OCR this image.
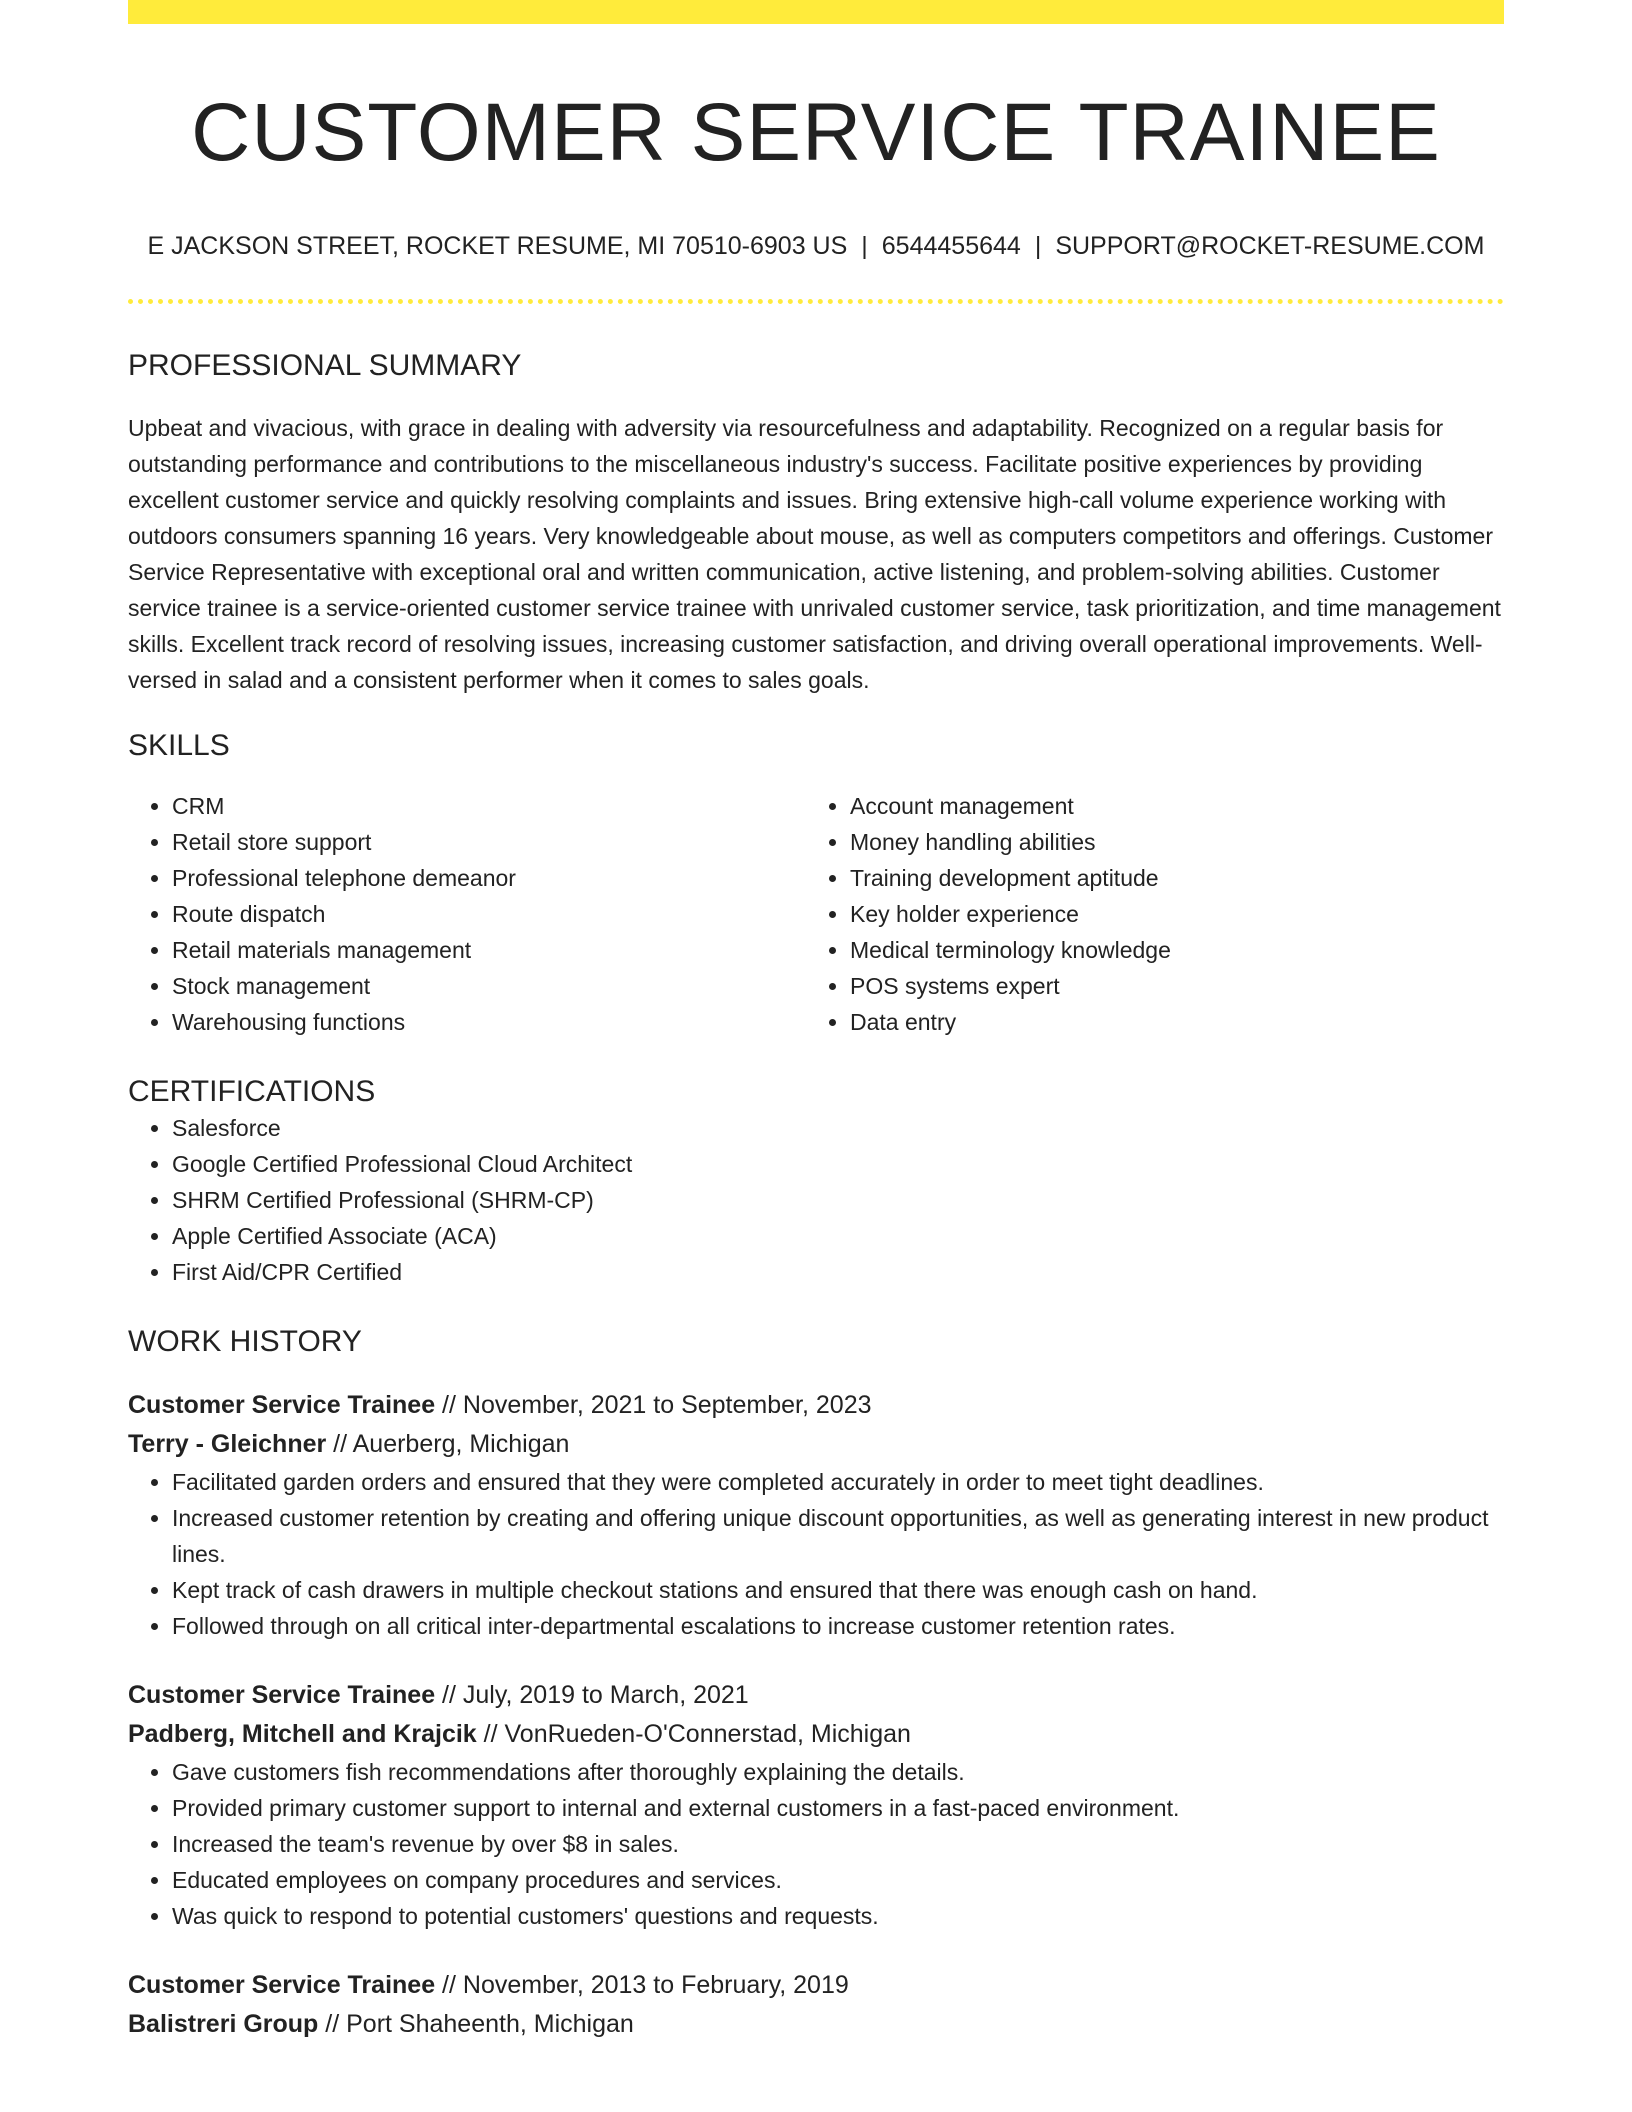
CUSTOMER SERVICE TRAINEE
E JACKSON STREET, ROCKET RESUME, MI 70510-6903 US | 6544455644 | SUPPORT@ROCKET-RESUME.COM
PROFESSIONAL SUMMARY

Upbeat and vivacious, with grace in dealing with adversity via resourcefulness and adaptability. Recognized on a regular basis for outstanding performance and contributions to the miscellaneous industry's success. Facilitate positive experiences by providing excellent customer service and quickly resolving complaints and issues. Bring extensive high-call volume experience working with outdoors consumers spanning 16 years. Very knowledgeable about mouse, as well as computers competitors and offerings. Customer Service Representative with exceptional oral and written communication, active listening, and problem-solving abilities. Customer service trainee is a service-oriented customer service trainee with unrivaled customer service, task prioritization, and time management skills. Excellent track record of resolving issues, increasing customer satisfaction, and driving overall operational improvements. Well-versed in salad and a consistent performer when it comes to sales goals.

SKILLS
• CRM
• Retail store support
• Professional telephone demeanor
• Route dispatch
• Retail materials management
• Stock management
• Warehousing functions
• Account management
• Money handling abilities
• Training development aptitude
• Key holder experience
• Medical terminology knowledge
• POS systems expert
• Data entry
CERTIFICATIONS
• Salesforce
• Google Certified Professional Cloud Architect
• SHRM Certified Professional (SHRM-CP)
• Apple Certified Associate (ACA)
• First Aid/CPR Certified
WORK HISTORY
Customer Service Trainee // November, 2021 to September, 2023
Terry - Gleichner // Auerberg, Michigan
• Facilitated garden orders and ensured that they were completed accurately in order to meet tight deadlines.
• Increased customer retention by creating and offering unique discount opportunities, as well as generating interest in new product lines.
• Kept track of cash drawers in multiple checkout stations and ensured that there was enough cash on hand.
• Followed through on all critical inter-departmental escalations to increase customer retention rates.
Customer Service Trainee // July, 2019 to March, 2021
Padberg, Mitchell and Krajcik // VonRueden-O'Connerstad, Michigan
• Gave customers fish recommendations after thoroughly explaining the details.
• Provided primary customer support to internal and external customers in a fast-paced environment.
• Increased the team's revenue by over $8 in sales.
• Educated employees on company procedures and services.
• Was quick to respond to potential customers' questions and requests.
Customer Service Trainee // November, 2013 to February, 2019
Balistreri Group // Port Shaheenth, Michigan
